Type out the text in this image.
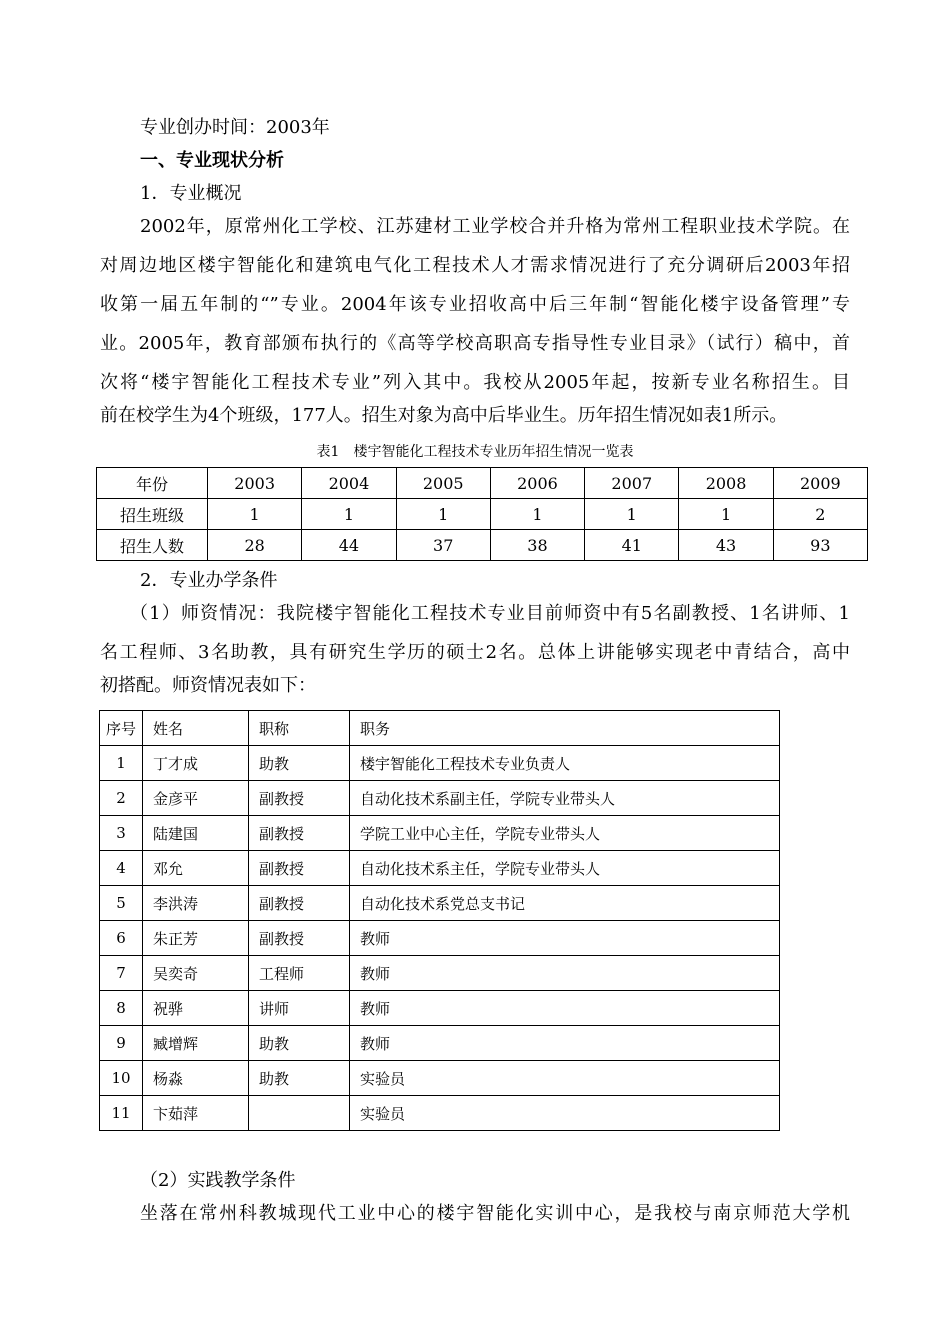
专业创办时间：2003年
一、专业现状分析
1．专业概况
2002年，原常州化工学校、江苏建材工业学校合并升格为常州工程职业技术学院。在
对周边地区楼宇智能化和建筑电气化工程技术人才需求情况进行了充分调研后2003年招
收第一届五年制的“”专业。2004年该专业招收高中后三年制“智能化楼宇设备管理”专
业。2005年，教育部颁布执行的《高等学校高职高专指导性专业目录》（试行）稿中，首
次将“楼宇智能化工程技术专业”列入其中。我校从2005年起，按新专业名称招生。目
前在校学生为4个班级，177人。招生对象为高中后毕业生。历年招生情况如表1所示。
表1　楼宇智能化工程技术专业历年招生情况一览表
年份	2003	2004	2005	2006	2007	2008	2009
招生班级	1	1	1	1	1	1	2
招生人数	28	44	37	38	41	43	93
2．专业办学条件
（1）师资情况：我院楼宇智能化工程技术专业目前师资中有5名副教授、1名讲师、1
名工程师、3名助教，具有研究生学历的硕士2名。总体上讲能够实现老中青结合，高中
初搭配。师资情况表如下：
序号	姓名	职称	职务
1	丁才成	助教	楼宇智能化工程技术专业负责人
2	金彦平	副教授	自动化技术系副主任，学院专业带头人
3	陆建国	副教授	学院工业中心主任，学院专业带头人
4	邓允	副教授	自动化技术系主任，学院专业带头人
5	李洪涛	副教授	自动化技术系党总支书记
6	朱正芳	副教授	教师
7	吴奕奇	工程师	教师
8	祝骅	讲师	教师
9	臧增辉	助教	教师
10	杨淼	助教	实验员
11	卞茹萍		实验员
（2）实践教学条件
坐落在常州科教城现代工业中心的楼宇智能化实训中心，是我校与南京师范大学机
